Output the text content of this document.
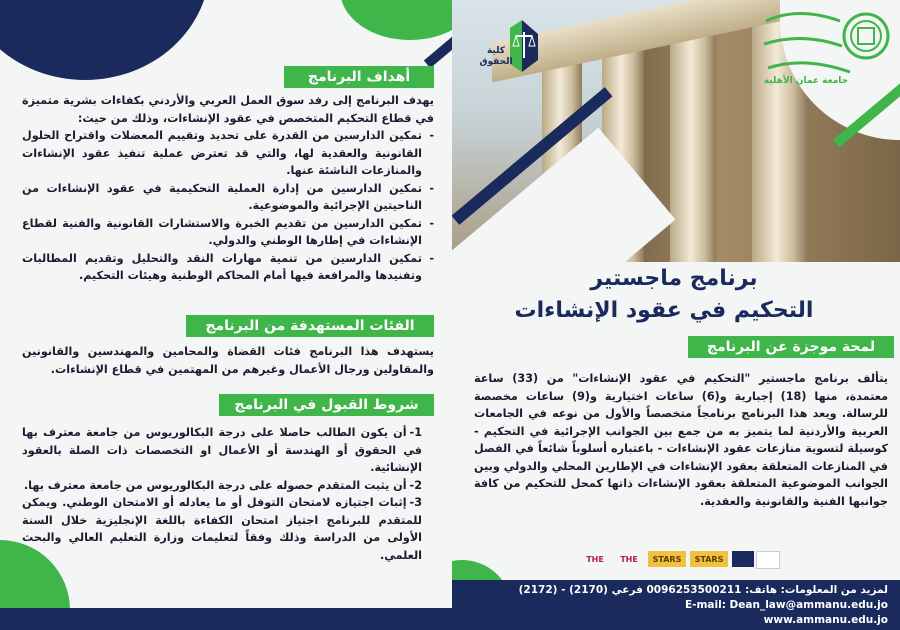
أهداف البرنامج

يهدف البرنامج إلى رفد سوق العمل العربي والأردني بكفاءات بشرية متميزة في قطاع التحكيم المتخصص في عقود الإنشاءات، وذلك من حيث:

- تمكين الدارسين من القدرة على تحديد وتقييم المعضلات واقتراح الحلول القانونية والعقدية لها، والتي قد تعترض عملية تنفيذ عقود الإنشاءات والمنازعات الناشئة عنها.
- تمكين الدارسين من إدارة العملية التحكيمية في عقود الإنشاءات من الناحيتين الإجرائية والموضوعية.
- تمكين الدارسين من تقديم الخبرة والاستشارات القانونية والفنية لقطاع الإنشاءات في إطارها الوطني والدولي.
- تمكين الدارسين من تنمية مهارات النقد والتحليل وتقديم المطالبات وتفنيدها والمرافعة فيها أمام المحاكم الوطنية وهيئات التحكيم.
الفئات المستهدفة من البرنامج
يستهدف هذا البرنامج فئات القضاة والمحامين والمهندسين والقانونين والمقاولين ورجال الأعمال وغيرهم من المهتمين في قطاع الإنشاءات.
شروط القبول في البرنامج
1-أن يكون الطالب حاصلا على درجة البكالوريوس من جامعة معترف بها في الحقوق أو الهندسة أو الأعمال او التخصصات ذات الصلة بالعقود الإنشائية.
2-أن يثبت المتقدم حصوله على درجة البكالوريوس من جامعة معترف بها.
3-إثبات اجتيازه لامتحان التوفل أو ما يعادله أو الامتحان الوطني. ويمكن للمتقدم للبرنامج اجتياز امتحان الكفاءة باللغة الإنجليزية خلال السنة الأولى من الدراسة وذلك وفقاً لتعليمات وزارة التعليم العالي والبحث العلمي.
كلية الحقوق
جامعة عمان الأهلية
برنامج ماجستير
التحكيم في عقود الإنشاءات
لمحة موجزة عن البرنامج
يتألف برنامج ماجستير "التحكيم في عقود الإنشاءات" من (33) ساعة معتمدة، منها (18) إجبارية و(6) ساعات اختيارية و(9) ساعات مخصصة للرسالة. ويعد هذا البرنامج برنامجاً متخصصاً والأول من نوعه في الجامعات العربية والأردنية لما يتميز به من جمع بين الجوانب الإجرائية في التحكيم - كوسيلة لتسوية منازعات عقود الإنشاءات - باعتباره أسلوباً شائعاً في الفصل في المنازعات المتعلقة بعقود الإنشاءات في الإطارين المحلي والدولي وبين الجوانب الموضوعية المتعلقة بعقود الإنشاءات ذاتها كمحل للتحكيم من كافة جوانبها الفنية والقانونية والعقدية.
STARS
STARS
THE
THE
لمزيد من المعلومات: هاتف: 0096253500211 فرعي (2170) - (2172)
E-mail: Dean_law@ammanu.edu.jo
www.ammanu.edu.jo
